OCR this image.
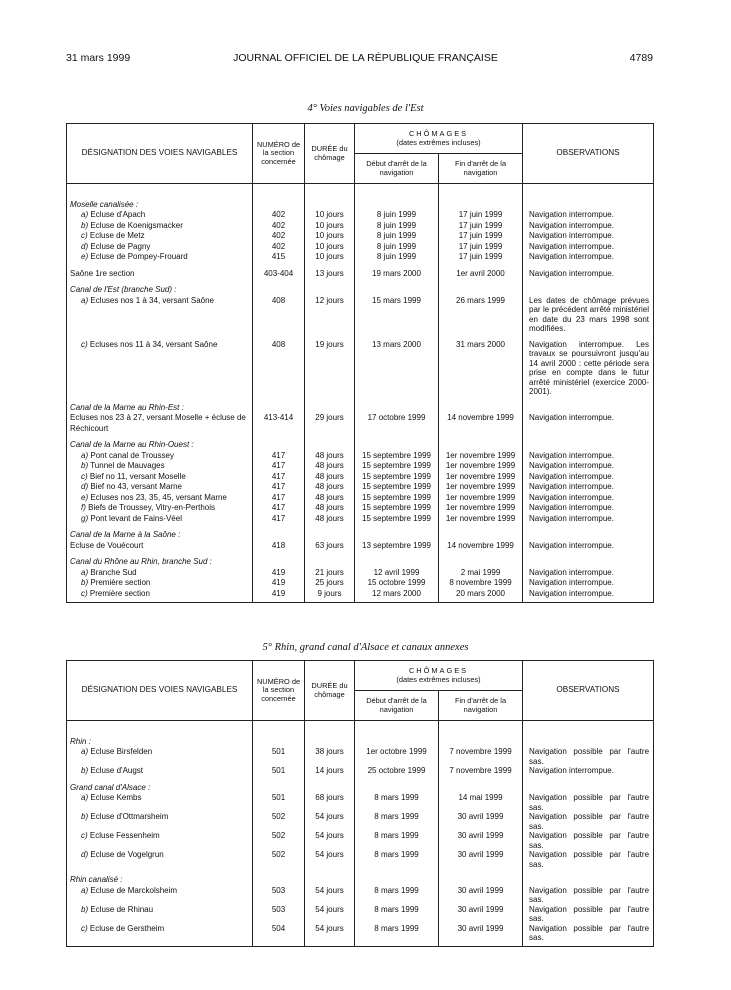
31 mars 1999	JOURNAL OFFICIEL DE LA RÉPUBLIQUE FRANÇAISE	4789
4° Voies navigables de l'Est
DÉSIGNATION DES VOIES NAVIGABLES	NUMÉRO de la section concernée	DURÉE du chômage	CHÔMAGES
(dates extrêmes incluses)		OBSERVATIONS
			Début d'arrêt de la navigation	Fin d'arrêt de la navigation	

Moselle canalisée :					
a) Ecluse d'Apach	402	10 jours	8 juin 1999	17 juin 1999	Navigation interrompue.
b) Ecluse de Koenigsmacker	402	10 jours	8 juin 1999	17 juin 1999	Navigation interrompue.
c) Ecluse de Metz	402	10 jours	8 juin 1999	17 juin 1999	Navigation interrompue.
d) Ecluse de Pagny	402	10 jours	8 juin 1999	17 juin 1999	Navigation interrompue.
e) Ecluse de Pompey-Frouard	415	10 jours	8 juin 1999	17 juin 1999	Navigation interrompue.
Saône 1re section	403-404	13 jours	19 mars 2000	1er avril 2000	Navigation interrompue.
Canal de l'Est (branche Sud) :					
a) Ecluses nos 1 à 34, versant Saône	408	12 jours	15 mars 1999	26 mars 1999	Les dates de chômage prévues par le précédent arrêté ministériel en date du 23 mars 1998 sont modifiées.
c) Ecluses nos 11 à 34, versant Saône	408	19 jours	13 mars 2000	31 mars 2000	Navigation interrompue. Les travaux se poursuivront jusqu'au 14 avril 2000 : cette période sera prise en compte dans le futur arrêté ministériel (exercice 2000-2001).
Canal de la Marne au Rhin-Est :					
Ecluses nos 23 à 27, versant Moselle + écluse de Réchicourt	413-414	29 jours	17 octobre 1999	14 novembre 1999	Navigation interrompue.
Canal de la Marne au Rhin-Ouest :					
a) Pont canal de Troussey	417	48 jours	15 septembre 1999	1er novembre 1999	Navigation interrompue.
b) Tunnel de Mauvages	417	48 jours	15 septembre 1999	1er novembre 1999	Navigation interrompue.
c) Bief no 11, versant Moselle	417	48 jours	15 septembre 1999	1er novembre 1999	Navigation interrompue.
d) Bief no 43, versant Marne	417	48 jours	15 septembre 1999	1er novembre 1999	Navigation interrompue.
e) Ecluses nos 23, 35, 45, versant Marne	417	48 jours	15 septembre 1999	1er novembre 1999	Navigation interrompue.
f) Biefs de Troussey, Vitry-en-Perthois	417	48 jours	15 septembre 1999	1er novembre 1999	Navigation interrompue.
g) Pont levant de Fains-Véel	417	48 jours	15 septembre 1999	1er novembre 1999	Navigation interrompue.
Canal de la Marne à la Saône :					
Ecluse de Vouécourt	418	63 jours	13 septembre 1999	14 novembre 1999	Navigation interrompue.
Canal du Rhône au Rhin, branche Sud :					
a) Branche Sud	419	21 jours	12 avril 1999	2 mai 1999	Navigation interrompue.
b) Première section	419	25 jours	15 octobre 1999	8 novembre 1999	Navigation interrompue.
c) Première section	419	9 jours	12 mars 2000	20 mars 2000	Navigation interrompue.
5° Rhin, grand canal d'Alsace et canaux annexes
DÉSIGNATION DES VOIES NAVIGABLES	NUMÉRO de la section concernée	DURÉE du chômage	CHÔMAGES
(dates extrêmes incluses)		OBSERVATIONS
			Début d'arrêt de la navigation	Fin d'arrêt de la navigation	

Rhin :					
a) Ecluse Birsfelden	501	38 jours	1er octobre 1999	7 novembre 1999	Navigation possible par l'autre sas.
b) Ecluse d'Augst	501	14 jours	25 octobre 1999	7 novembre 1999	Navigation interrompue.
Grand canal d'Alsace :					
a) Ecluse Kembs	501	68 jours	8 mars 1999	14 mai 1999	Navigation possible par l'autre sas.
b) Ecluse d'Ottmarsheim	502	54 jours	8 mars 1999	30 avril 1999	Navigation possible par l'autre sas.
c) Ecluse Fessenheim	502	54 jours	8 mars 1999	30 avril 1999	Navigation possible par l'autre sas.
d) Ecluse de Vogelgrun	502	54 jours	8 mars 1999	30 avril 1999	Navigation possible par l'autre sas.
Rhin canalisé :					
a) Ecluse de Marckolsheim	503	54 jours	8 mars 1999	30 avril 1999	Navigation possible par l'autre sas.
b) Ecluse de Rhinau	503	54 jours	8 mars 1999	30 avril 1999	Navigation possible par l'autre sas.
c) Ecluse de Gerstheim	504	54 jours	8 mars 1999	30 avril 1999	Navigation possible par l'autre sas.
